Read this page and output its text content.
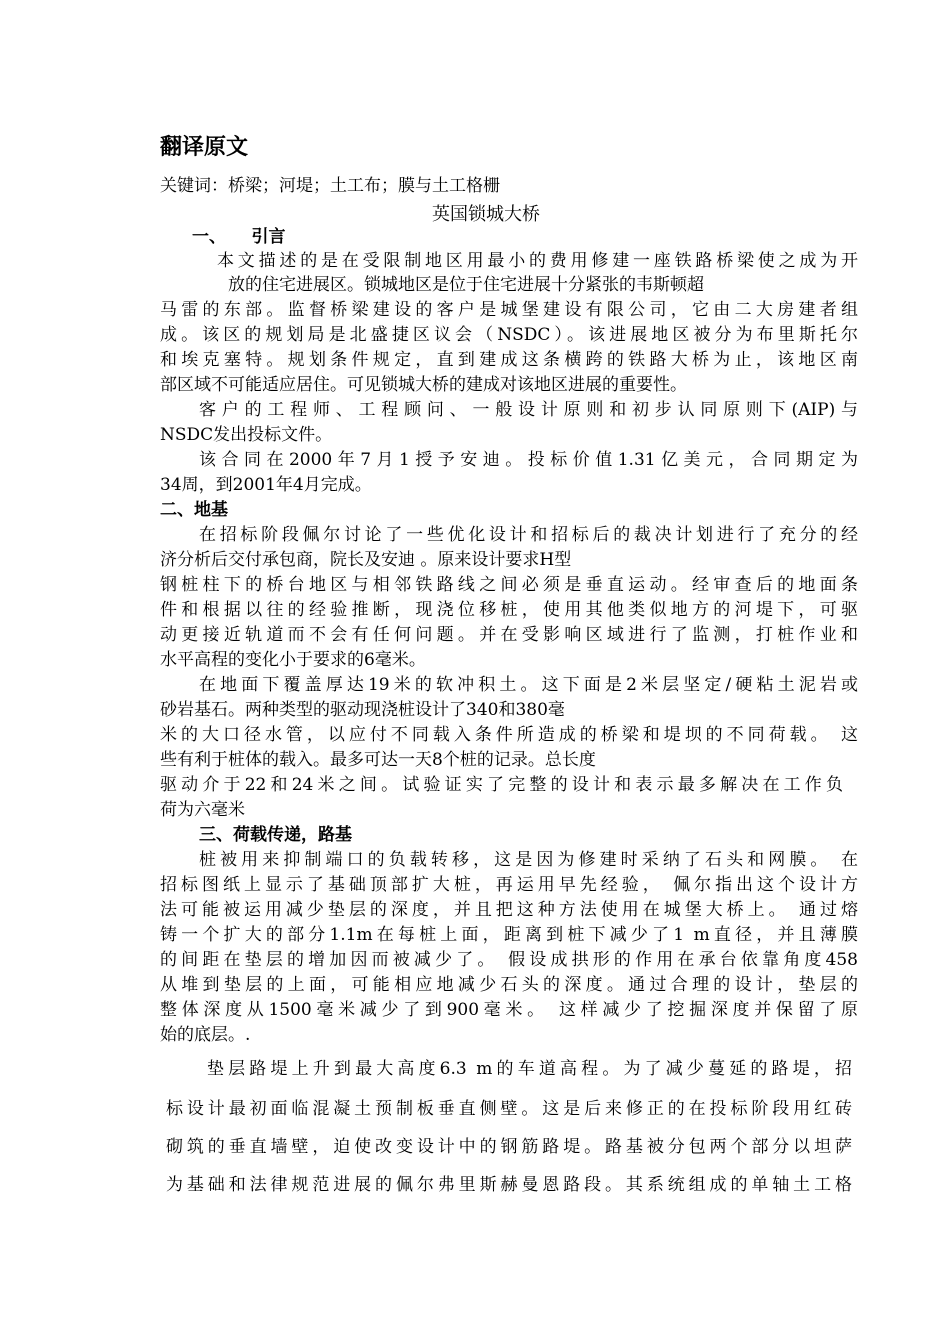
翻译原文
关键词：桥梁；河堤；土工布；膜与土工格栅
英国锁城大桥
一、　　引言
本文描述的是在受限制地区用最小的费用修建一座铁路桥梁使之成为开
放的住宅进展区。锁城地区是位于住宅进展十分紧张的韦斯顿超
马雷的东部。监督桥梁建设的客户是城堡建设有限公司，它由二大房建者组
成。该区的规划局是北盛捷区议会（NSDC）。该进展地区被分为布里斯托尔
和埃克塞特。规划条件规定，直到建成这条横跨的铁路大桥为止，该地区南
部区域不可能适应居住。可见锁城大桥的建成对该地区进展的重要性。
客户的工程师、工程顾问、一般设计原则和初步认同原则下(AIP)与
NSDC发出投标文件。
该合同在2000年7月1授予安迪。投标价值1.31亿美元，合同期定为
34周，到2001年4月完成。
二、地基
在招标阶段佩尔讨论了一些优化设计和招标后的裁决计划进行了充分的经
济分析后交付承包商，院长及安迪 。原来设计要求H型
钢桩柱下的桥台地区与相邻铁路线之间必须是垂直运动。经审查后的地面条
件和根据以往的经验推断，现浇位移桩，使用其他类似地方的河堤下，可驱
动更接近轨道而不会有任何问题。并在受影响区域进行了监测，打桩作业和
水平高程的变化小于要求的6毫米。
在地面下覆盖厚达19米的软冲积土。这下面是2米层坚定/硬粘土泥岩或
砂岩基石。两种类型的驱动现浇桩设计了340和380毫
米的大口径水管，以应付不同载入条件所造成的桥梁和堤坝的不同荷载。 这
些有利于桩体的载入。最多可达一天8个桩的记录。总长度
驱动介于22和24米之间。试验证实了完整的设计和表示最多解决在工作负
荷为六毫米
三、荷载传递，路基
桩被用来抑制端口的负载转移，这是因为修建时采纳了石头和网膜。 在
招标图纸上显示了基础顶部扩大桩，再运用早先经验， 佩尔指出这个设计方
法可能被运用减少垫层的深度，并且把这种方法使用在城堡大桥上。 通过熔
铸一个扩大的部分1.1m在每桩上面，距离到桩下减少了1 m直径，并且薄膜
的间距在垫层的增加因而被减少了。 假设成拱形的作用在承台依靠角度458
从堆到垫层的上面，可能相应地减少石头的深度。通过合理的设计，垫层的
整体深度从1500毫米减少了到900毫米。 这样减少了挖掘深度并保留了原
始的底层。.
垫层路堤上升到最大高度6.3 m的车道高程。为了减少蔓延的路堤，招
标设计最初面临混凝土预制板垂直侧壁。这是后来修正的在投标阶段用红砖
砌筑的垂直墙壁，迫使改变设计中的钢筋路堤。路基被分包两个部分以坦萨
为基础和法律规范进展的佩尔弗里斯赫曼恩路段。其系统组成的单轴土工格
